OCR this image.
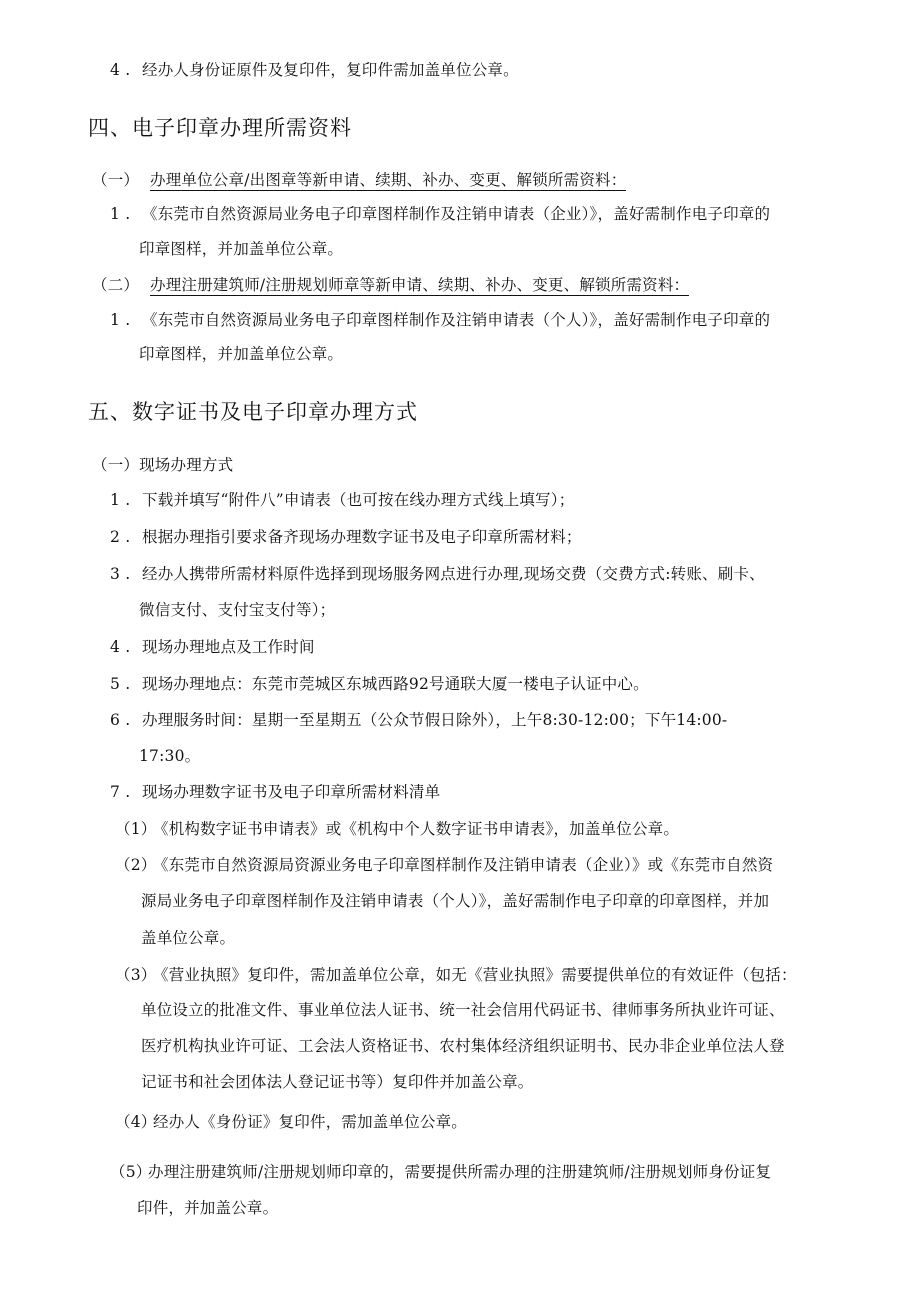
4 . 经办人身份证原件及复印件，复印件需加盖单位公章。
四、电子印章办理所需资料
（一） 办理单位公章/出图章等新申请、续期、补办、变更、解锁所需资料：
1 . 《东莞市自然资源局业务电子印章图样制作及注销申请表（企业）》，盖好需制作电子印章的
印章图样，并加盖单位公章。
（二） 办理注册建筑师/注册规划师章等新申请、续期、补办、变更、解锁所需资料：
1 . 《东莞市自然资源局业务电子印章图样制作及注销申请表（个人）》，盖好需制作电子印章的
印章图样，并加盖单位公章。
五、数字证书及电子印章办理方式
（一）现场办理方式
1 . 下载并填写“附件八”申请表（也可按在线办理方式线上填写）；
2 . 根据办理指引要求备齐现场办理数字证书及电子印章所需材料；
3 . 经办人携带所需材料原件选择到现场服务网点进行办理,现场交费（交费方式:转账、刷卡、
微信支付、支付宝支付等）；
4 . 现场办理地点及工作时间
5 . 现场办理地点：东莞市莞城区东城西路92号通联大厦一楼电子认证中心。
6 . 办理服务时间：星期一至星期五（公众节假日除外），上午8:30-12:00；下午14:00-
17:30。
7 . 现场办理数字证书及电子印章所需材料清单
（1）《机构数字证书申请表》或《机构中个人数字证书申请表》，加盖单位公章。
（2）《东莞市自然资源局资源业务电子印章图样制作及注销申请表（企业）》或《东莞市自然资
源局业务电子印章图样制作及注销申请表（个人）》，盖好需制作电子印章的印章图样，并加
盖单位公章。
（3）《营业执照》复印件，需加盖单位公章，如无《营业执照》需要提供单位的有效证件（包括：
单位设立的批准文件、事业单位法人证书、统一社会信用代码证书、律师事务所执业许可证、
医疗机构执业许可证、工会法人资格证书、农村集体经济组织证明书、民办非企业单位法人登
记证书和社会团体法人登记证书等）复印件并加盖公章。
（4）经办人《身份证》复印件，需加盖单位公章。
（5）办理注册建筑师/注册规划师印章的，需要提供所需办理的注册建筑师/注册规划师身份证复
印件，并加盖公章。
